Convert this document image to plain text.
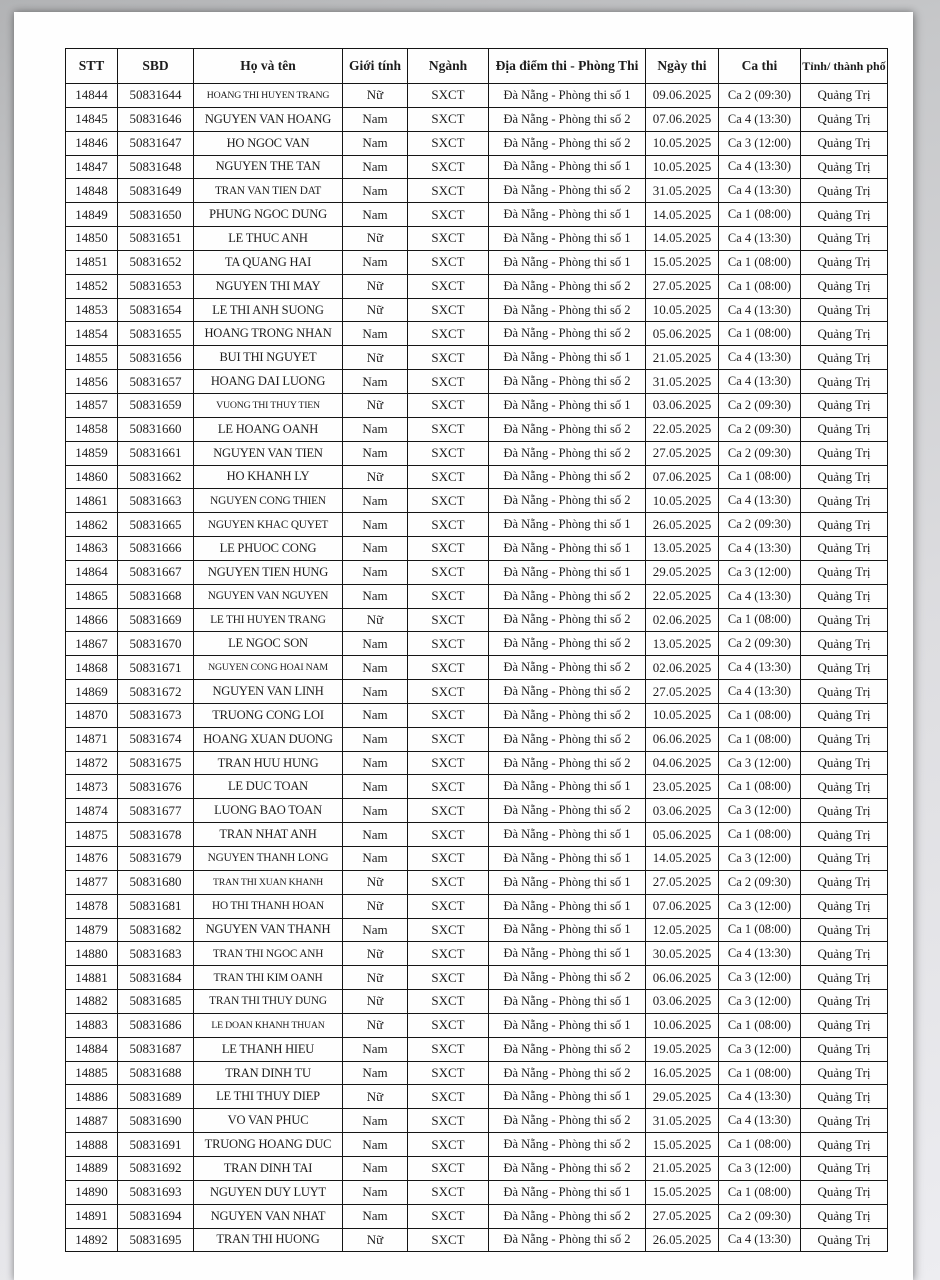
STT	SBD	Họ và tên	Giới tính	Ngành	Địa điểm thi - Phòng Thi	Ngày thi	Ca thi	Tỉnh/ thành phố
14844	50831644	HOANG THI HUYEN TRANG	Nữ	SXCT	Đà Nẵng - Phòng thi số 1	09.06.2025	Ca 2 (09:30)	Quảng Trị
14845	50831646	NGUYEN VAN HOANG	Nam	SXCT	Đà Nẵng - Phòng thi số 2	07.06.2025	Ca 4 (13:30)	Quảng Trị
14846	50831647	HO NGOC VAN	Nam	SXCT	Đà Nẵng - Phòng thi số 2	10.05.2025	Ca 3 (12:00)	Quảng Trị
14847	50831648	NGUYEN THE TAN	Nam	SXCT	Đà Nẵng - Phòng thi số 1	10.05.2025	Ca 4 (13:30)	Quảng Trị
14848	50831649	TRAN VAN TIEN DAT	Nam	SXCT	Đà Nẵng - Phòng thi số 2	31.05.2025	Ca 4 (13:30)	Quảng Trị
14849	50831650	PHUNG NGOC DUNG	Nam	SXCT	Đà Nẵng - Phòng thi số 1	14.05.2025	Ca 1 (08:00)	Quảng Trị
14850	50831651	LE THUC ANH	Nữ	SXCT	Đà Nẵng - Phòng thi số 1	14.05.2025	Ca 4 (13:30)	Quảng Trị
14851	50831652	TA QUANG HAI	Nam	SXCT	Đà Nẵng - Phòng thi số 1	15.05.2025	Ca 1 (08:00)	Quảng Trị
14852	50831653	NGUYEN THI MAY	Nữ	SXCT	Đà Nẵng - Phòng thi số 2	27.05.2025	Ca 1 (08:00)	Quảng Trị
14853	50831654	LE THI ANH SUONG	Nữ	SXCT	Đà Nẵng - Phòng thi số 2	10.05.2025	Ca 4 (13:30)	Quảng Trị
14854	50831655	HOANG TRONG NHAN	Nam	SXCT	Đà Nẵng - Phòng thi số 2	05.06.2025	Ca 1 (08:00)	Quảng Trị
14855	50831656	BUI THI NGUYET	Nữ	SXCT	Đà Nẵng - Phòng thi số 1	21.05.2025	Ca 4 (13:30)	Quảng Trị
14856	50831657	HOANG DAI LUONG	Nam	SXCT	Đà Nẵng - Phòng thi số 2	31.05.2025	Ca 4 (13:30)	Quảng Trị
14857	50831659	VUONG THI THUY TIEN	Nữ	SXCT	Đà Nẵng - Phòng thi số 1	03.06.2025	Ca 2 (09:30)	Quảng Trị
14858	50831660	LE HOANG OANH	Nam	SXCT	Đà Nẵng - Phòng thi số 2	22.05.2025	Ca 2 (09:30)	Quảng Trị
14859	50831661	NGUYEN VAN TIEN	Nam	SXCT	Đà Nẵng - Phòng thi số 2	27.05.2025	Ca 2 (09:30)	Quảng Trị
14860	50831662	HO KHANH LY	Nữ	SXCT	Đà Nẵng - Phòng thi số 2	07.06.2025	Ca 1 (08:00)	Quảng Trị
14861	50831663	NGUYEN CONG THIEN	Nam	SXCT	Đà Nẵng - Phòng thi số 2	10.05.2025	Ca 4 (13:30)	Quảng Trị
14862	50831665	NGUYEN KHAC QUYET	Nam	SXCT	Đà Nẵng - Phòng thi số 1	26.05.2025	Ca 2 (09:30)	Quảng Trị
14863	50831666	LE PHUOC CONG	Nam	SXCT	Đà Nẵng - Phòng thi số 1	13.05.2025	Ca 4 (13:30)	Quảng Trị
14864	50831667	NGUYEN TIEN HUNG	Nam	SXCT	Đà Nẵng - Phòng thi số 1	29.05.2025	Ca 3 (12:00)	Quảng Trị
14865	50831668	NGUYEN VAN NGUYEN	Nam	SXCT	Đà Nẵng - Phòng thi số 2	22.05.2025	Ca 4 (13:30)	Quảng Trị
14866	50831669	LE THI HUYEN TRANG	Nữ	SXCT	Đà Nẵng - Phòng thi số 2	02.06.2025	Ca 1 (08:00)	Quảng Trị
14867	50831670	LE NGOC SON	Nam	SXCT	Đà Nẵng - Phòng thi số 2	13.05.2025	Ca 2 (09:30)	Quảng Trị
14868	50831671	NGUYEN CONG HOAI NAM	Nam	SXCT	Đà Nẵng - Phòng thi số 2	02.06.2025	Ca 4 (13:30)	Quảng Trị
14869	50831672	NGUYEN VAN LINH	Nam	SXCT	Đà Nẵng - Phòng thi số 2	27.05.2025	Ca 4 (13:30)	Quảng Trị
14870	50831673	TRUONG CONG LOI	Nam	SXCT	Đà Nẵng - Phòng thi số 2	10.05.2025	Ca 1 (08:00)	Quảng Trị
14871	50831674	HOANG XUAN DUONG	Nam	SXCT	Đà Nẵng - Phòng thi số 2	06.06.2025	Ca 1 (08:00)	Quảng Trị
14872	50831675	TRAN HUU HUNG	Nam	SXCT	Đà Nẵng - Phòng thi số 2	04.06.2025	Ca 3 (12:00)	Quảng Trị
14873	50831676	LE DUC TOAN	Nam	SXCT	Đà Nẵng - Phòng thi số 1	23.05.2025	Ca 1 (08:00)	Quảng Trị
14874	50831677	LUONG BAO TOAN	Nam	SXCT	Đà Nẵng - Phòng thi số 2	03.06.2025	Ca 3 (12:00)	Quảng Trị
14875	50831678	TRAN NHAT ANH	Nam	SXCT	Đà Nẵng - Phòng thi số 1	05.06.2025	Ca 1 (08:00)	Quảng Trị
14876	50831679	NGUYEN THANH LONG	Nam	SXCT	Đà Nẵng - Phòng thi số 1	14.05.2025	Ca 3 (12:00)	Quảng Trị
14877	50831680	TRAN THI XUAN KHANH	Nữ	SXCT	Đà Nẵng - Phòng thi số 1	27.05.2025	Ca 2 (09:30)	Quảng Trị
14878	50831681	HO THI THANH HOAN	Nữ	SXCT	Đà Nẵng - Phòng thi số 1	07.06.2025	Ca 3 (12:00)	Quảng Trị
14879	50831682	NGUYEN VAN THANH	Nam	SXCT	Đà Nẵng - Phòng thi số 1	12.05.2025	Ca 1 (08:00)	Quảng Trị
14880	50831683	TRAN THI NGOC ANH	Nữ	SXCT	Đà Nẵng - Phòng thi số 1	30.05.2025	Ca 4 (13:30)	Quảng Trị
14881	50831684	TRAN THI KIM OANH	Nữ	SXCT	Đà Nẵng - Phòng thi số 2	06.06.2025	Ca 3 (12:00)	Quảng Trị
14882	50831685	TRAN THI THUY DUNG	Nữ	SXCT	Đà Nẵng - Phòng thi số 1	03.06.2025	Ca 3 (12:00)	Quảng Trị
14883	50831686	LE DOAN KHANH THUAN	Nữ	SXCT	Đà Nẵng - Phòng thi số 1	10.06.2025	Ca 1 (08:00)	Quảng Trị
14884	50831687	LE THANH HIEU	Nam	SXCT	Đà Nẵng - Phòng thi số 2	19.05.2025	Ca 3 (12:00)	Quảng Trị
14885	50831688	TRAN DINH TU	Nam	SXCT	Đà Nẵng - Phòng thi số 2	16.05.2025	Ca 1 (08:00)	Quảng Trị
14886	50831689	LE THI THUY DIEP	Nữ	SXCT	Đà Nẵng - Phòng thi số 1	29.05.2025	Ca 4 (13:30)	Quảng Trị
14887	50831690	VO VAN PHUC	Nam	SXCT	Đà Nẵng - Phòng thi số 2	31.05.2025	Ca 4 (13:30)	Quảng Trị
14888	50831691	TRUONG HOANG DUC	Nam	SXCT	Đà Nẵng - Phòng thi số 2	15.05.2025	Ca 1 (08:00)	Quảng Trị
14889	50831692	TRAN DINH TAI	Nam	SXCT	Đà Nẵng - Phòng thi số 2	21.05.2025	Ca 3 (12:00)	Quảng Trị
14890	50831693	NGUYEN DUY LUYT	Nam	SXCT	Đà Nẵng - Phòng thi số 1	15.05.2025	Ca 1 (08:00)	Quảng Trị
14891	50831694	NGUYEN VAN NHAT	Nam	SXCT	Đà Nẵng - Phòng thi số 2	27.05.2025	Ca 2 (09:30)	Quảng Trị
14892	50831695	TRAN THI HUONG	Nữ	SXCT	Đà Nẵng - Phòng thi số 2	26.05.2025	Ca 4 (13:30)	Quảng Trị
